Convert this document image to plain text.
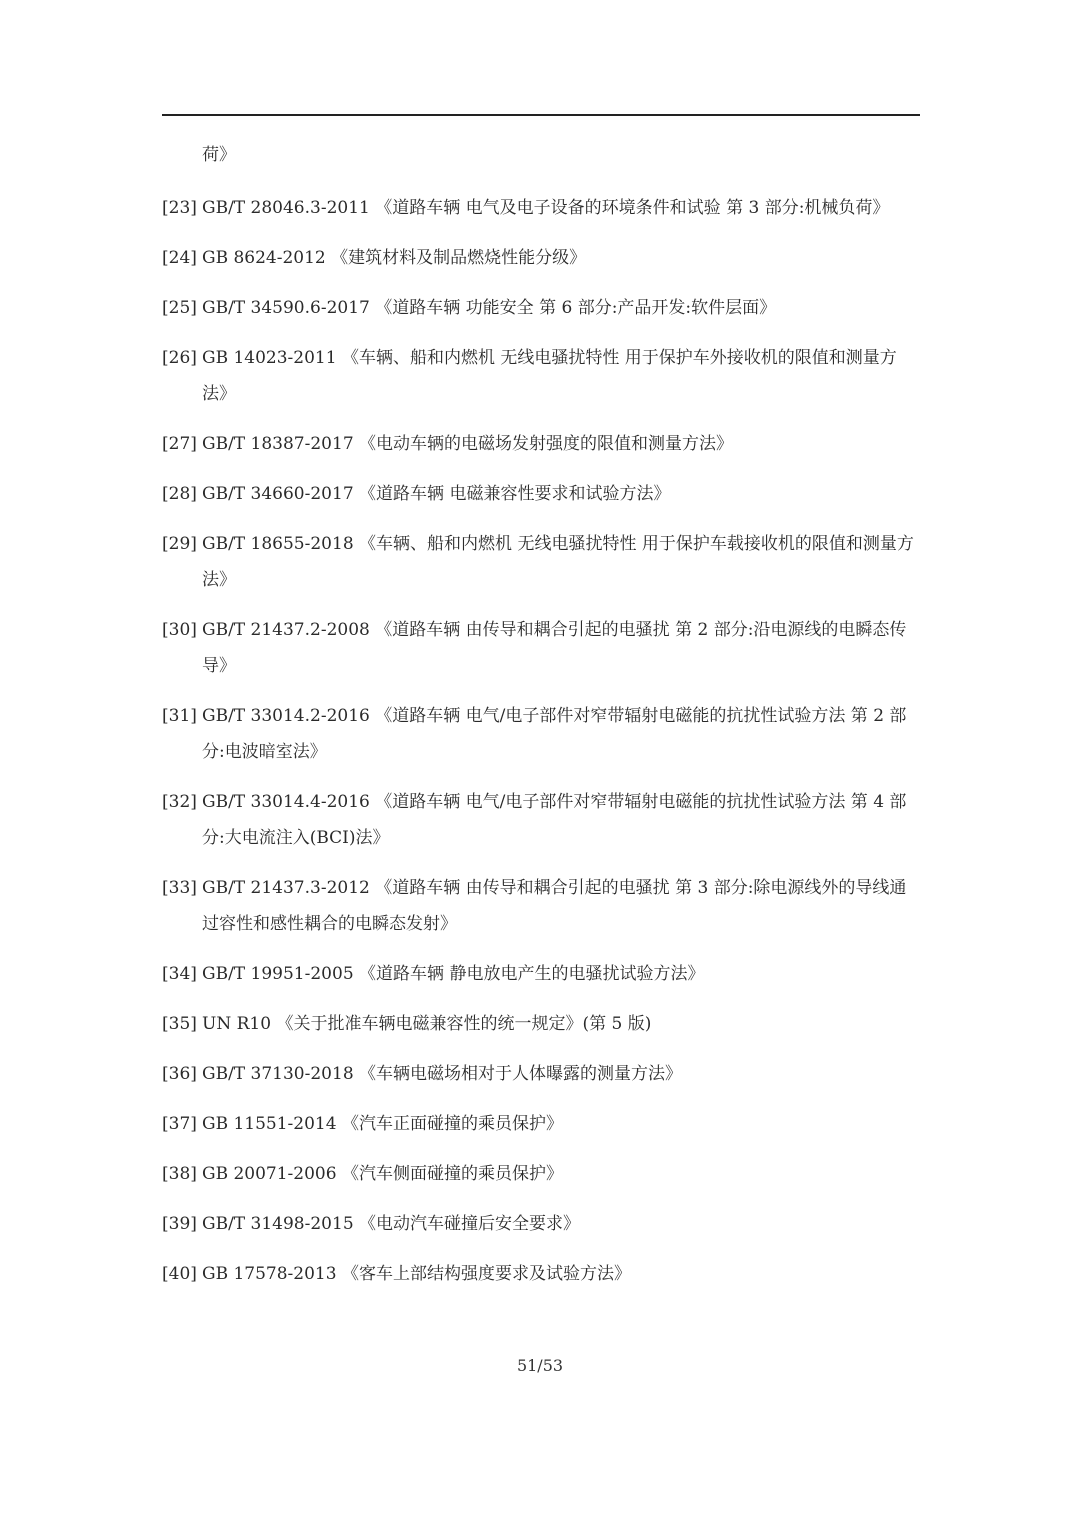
荷》
[23] GB/T 28046.3-2011 《道路车辆 电气及电子设备的环境条件和试验 第 3 部分:机械负荷》
[24] GB 8624-2012 《建筑材料及制品燃烧性能分级》
[25] GB/T 34590.6-2017 《道路车辆 功能安全 第 6 部分:产品开发:软件层面》
[26] GB 14023-2011 《车辆、船和内燃机 无线电骚扰特性 用于保护车外接收机的限值和测量方法》
[27] GB/T 18387-2017 《电动车辆的电磁场发射强度的限值和测量方法》
[28] GB/T 34660-2017 《道路车辆 电磁兼容性要求和试验方法》
[29] GB/T 18655-2018 《车辆、船和内燃机 无线电骚扰特性 用于保护车载接收机的限值和测量方法》
[30] GB/T 21437.2-2008 《道路车辆 由传导和耦合引起的电骚扰 第 2 部分:沿电源线的电瞬态传导》
[31] GB/T 33014.2-2016 《道路车辆 电气/电子部件对窄带辐射电磁能的抗扰性试验方法 第 2 部分:电波暗室法》
[32] GB/T 33014.4-2016 《道路车辆 电气/电子部件对窄带辐射电磁能的抗扰性试验方法 第 4 部分:大电流注入(BCI)法》
[33] GB/T 21437.3-2012 《道路车辆 由传导和耦合引起的电骚扰 第 3 部分:除电源线外的导线通过容性和感性耦合的电瞬态发射》
[34] GB/T 19951-2005 《道路车辆 静电放电产生的电骚扰试验方法》
[35] UN R10 《关于批准车辆电磁兼容性的统一规定》(第 5 版)
[36] GB/T 37130-2018 《车辆电磁场相对于人体曝露的测量方法》
[37] GB 11551-2014 《汽车正面碰撞的乘员保护》
[38] GB 20071-2006 《汽车侧面碰撞的乘员保护》
[39] GB/T 31498-2015 《电动汽车碰撞后安全要求》
[40] GB 17578-2013 《客车上部结构强度要求及试验方法》
51/53
